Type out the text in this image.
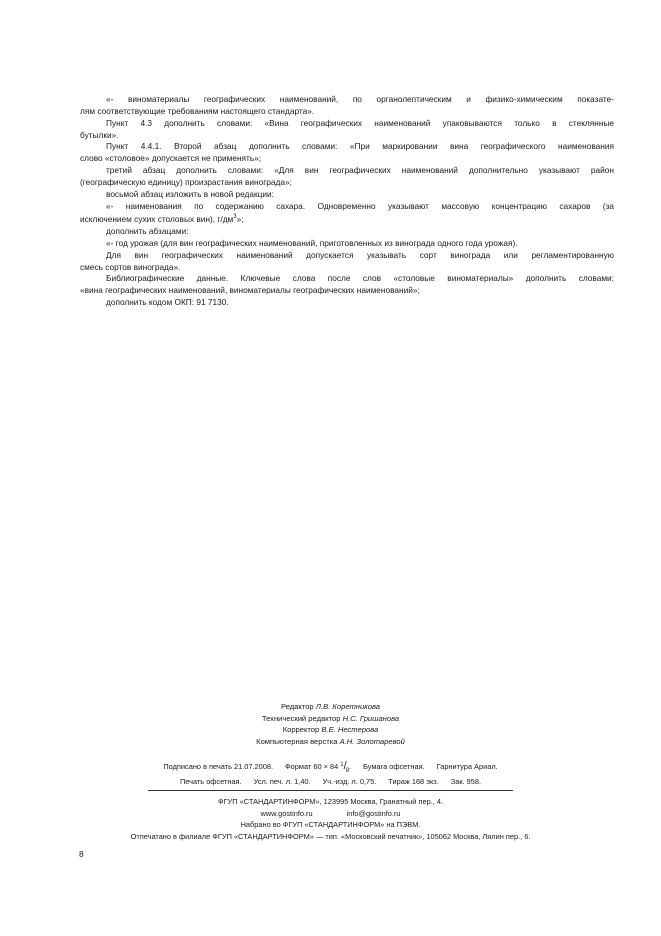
«- виноматериалы географических наименований, по органолептическим и физико-химическим показате-
лям соответствующие требованиям настоящего стандарта».
Пункт 4.3 дополнить словами: «Вина географических наименований упаковываются только в стеклянные
бутылки».
Пункт 4.4.1. Второй абзац дополнить словами: «При маркировании вина географического наименования
слово «столовое» допускается не применять»;
третий абзац дополнить словами: «Для вин географических наименований дополнительно указывают район
(географическую единицу) произрастания винограда»;
восьмой абзац изложить в новой редакции:
«- наименования по содержанию сахара. Одновременно указывают массовую концентрацию сахаров (за
исключением сухих столовых вин), $г/дм^3$»;
дополнить абзацами:
«- год урожая (для вин географических наименований, приготовленных из винограда одного года урожая).
Для вин географических наименований допускается указывать сорт винограда или регламентированную
смесь сортов винограда».
Библиографические данные. Ключевые слова после слов «столовые виноматериалы» дополнить словами:
«вина географических наименований, виноматериалы географических наименований»;
дополнить кодом ОКП: 91 7130.
Редактор Л.В. Коретникова
Технический редактор Н.С. Гришанова
Корректор В.Е. Нестерова
Компьютерная верстка А.Н. Золотаревой
Подписано в печать 21.07.2008. Формат 60 × 84 1/8. Бумага офсетная. Гарнитура Ариал.
Печать офсетная. Усл. печ. л. 1,40. Уч.-изд. л. 0,75. Тираж 168 экз. Зак. 958.
ФГУП «СТАНДАРТИНФОРМ», 123995 Москва, Гранатный пер., 4.
www.gostinfo.ru	info@gostinfo.ru
Набрано во ФГУП «СТАНДАРТИНФОРМ» на ПЭВМ.
Отпечатано в филиале ФГУП «СТАНДАРТИНФОРМ» — тип. «Московский печатник», 105062 Москва, Лялин пер., 6.
8
